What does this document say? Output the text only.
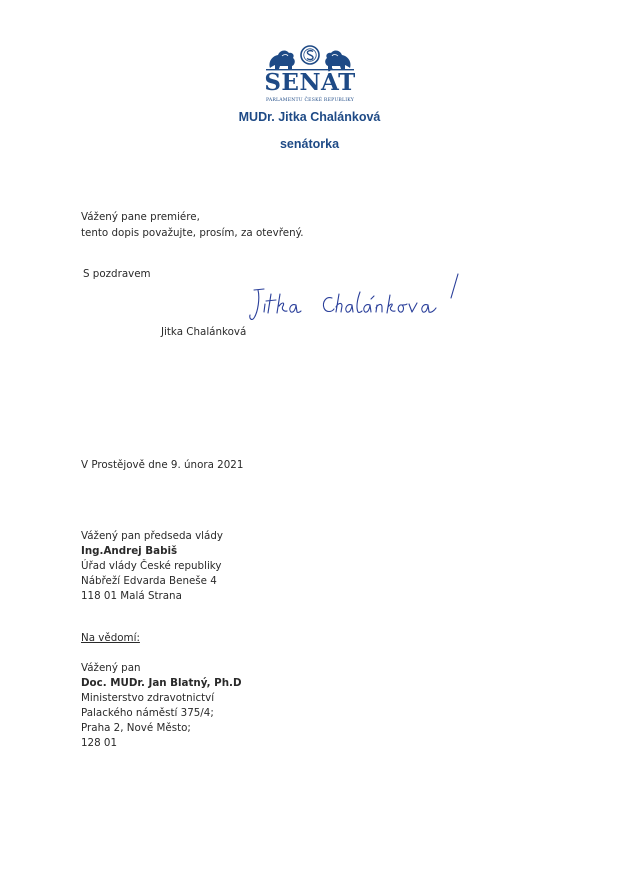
SENÁT
PARLAMENTU ČESKÉ REPUBLIKY
MUDr. Jitka Chalánková
senátorka
Vážený pane premiére,
tento dopis považujte, prosím, za otevřený.
S pozdravem
Jitka Chalánková
V Prostějově dne 9. února 2021
Vážený pan předseda vlády
Ing.Andrej Babiš
Úřad vlády České republiky
Nábřeží Edvarda Beneše 4
118 01 Malá Strana
Na vědomí:
Vážený pan
Doc. MUDr. Jan Blatný, Ph.D
Ministerstvo zdravotnictví
Palackého náměstí 375/4;
Praha 2, Nové Město;
128 01
